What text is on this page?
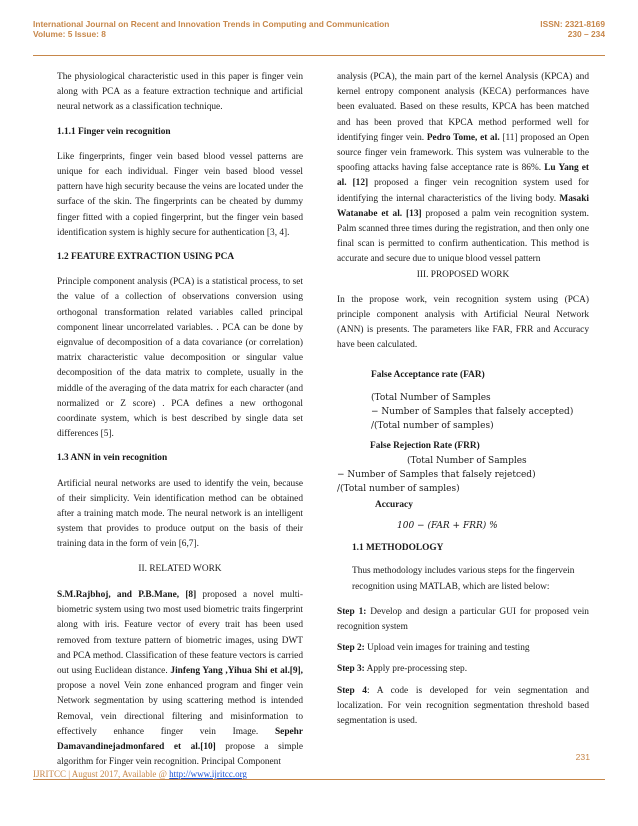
International Journal on Recent and Innovation Trends in Computing and Communication	ISSN: 2321-8169
Volume: 5 Issue: 8	230 – 234

The physiological characteristic used in this paper is finger vein along with PCA as a feature extraction technique and artificial neural network as a classification technique.

1.1.1 Finger vein recognition

Like fingerprints, finger vein based blood vessel patterns are unique for each individual. Finger vein based blood vessel pattern have high security because the veins are located under the surface of the skin. The fingerprints can be cheated by dummy finger fitted with a copied fingerprint, but the finger vein based identification system is highly secure for authentication [3, 4].

1.2 FEATURE EXTRACTION USING PCA

Principle component analysis (PCA) is a statistical process, to set the value of a collection of observations conversion using orthogonal transformation related variables called principal component linear uncorrelated variables. . PCA can be done by eignvalue of decomposition of a data covariance (or correlation) matrix characteristic value decomposition or singular value decomposition of the data matrix to complete, usually in the middle of the averaging of the data matrix for each character (and normalized or Z score) . PCA defines a new orthogonal coordinate system, which is best described by single data set differences [5].

1.3 ANN in vein recognition

Artificial neural networks are used to identify the vein, because of their simplicity. Vein identification method can be obtained after a training match mode. The neural network is an intelligent system that provides to produce output on the basis of their training data in the form of vein [6,7].

II. RELATED WORK

S.M.Rajbhoj, and P.B.Mane, [8] proposed a novel multi-biometric system using two most used biometric traits fingerprint along with iris. Feature vector of every trait has been used removed from texture pattern of biometric images, using DWT and PCA method. Classification of these feature vectors is carried out using Euclidean distance. Jinfeng Yang ,Yihua Shi et al.[9], propose a novel Vein zone enhanced program and finger vein Network segmentation by using scattering method is intended Removal, vein directional filtering and misinformation to effectively enhance finger vein Image. Sepehr Damavandinejadmonfared et al.[10] propose a simple algorithm for Finger vein recognition. Principal Component

analysis (PCA), the main part of the kernel Analysis (KPCA) and kernel entropy component analysis (KECA) performances have been evaluated. Based on these results, KPCA has been matched and has been proved that KPCA method performed well for identifying finger vein. Pedro Tome, et al. [11] proposed an Open source finger vein framework. This system was vulnerable to the spoofing attacks having false acceptance rate is 86%. Lu Yang et al. [12] proposed a finger vein recognition system used for identifying the internal characteristics of the living body. Masaki Watanabe et al. [13] proposed a palm vein recognition system. Palm scanned three times during the registration, and then only one final scan is permitted to confirm authentication. This method is accurate and secure due to unique blood vessel pattern

III. PROPOSED WORK

In the propose work, vein recognition system using (PCA) principle component analysis with Artificial Neural Network (ANN) is presents. The parameters like FAR, FRR and Accuracy have been calculated.

False Acceptance rate (FAR)
(Total Number of Samples
− Number of Samples that falsely accepted)
/(Total number of samples)
False Rejection Rate (FRR)
(Total Number of Samples
− Number of Samples that falsely rejetced)
/(Total number of samples)
Accuracy
100 − (FAR + FRR) %
1.1 METHODOLOGY

Thus methodology includes various steps for the fingervein recognition using MATLAB, which are listed below:

Step 1: Develop and design a particular GUI for proposed vein recognition system

Step 2: Upload vein images for training and testing

Step 3: Apply pre-processing step.

Step 4: A code is developed for vein segmentation and localization. For vein recognition segmentation threshold based segmentation is used.

231
IJRITCC | August 2017, Available @ http://www.ijritcc.org
